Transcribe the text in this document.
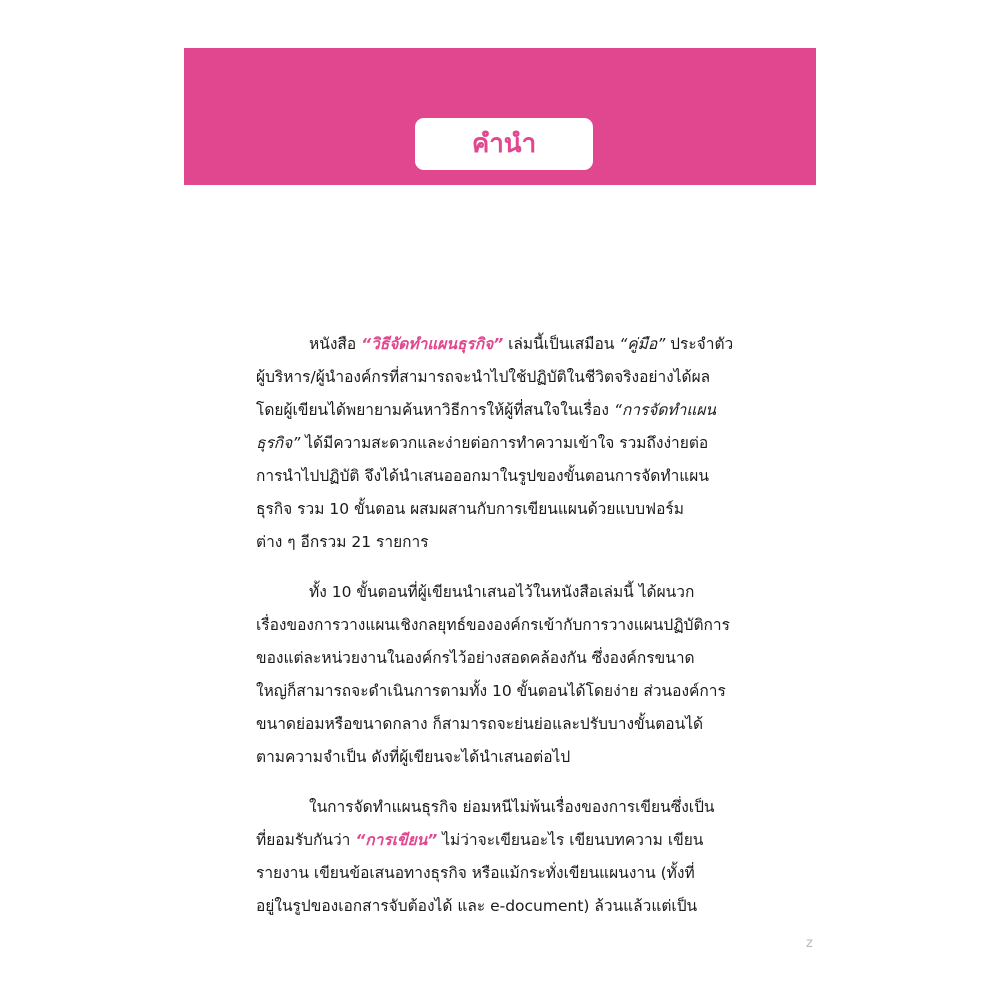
คำนำ

หนังสือ “วิธีจัดทำแผนธุรกิจ” เล่มนี้เป็นเสมือน “คู่มือ” ประจำตัว
ผู้บริหาร/ผู้นำองค์กรที่สามารถจะนำไปใช้ปฏิบัติในชีวิตจริงอย่างได้ผล
โดยผู้เขียนได้พยายามค้นหาวิธีการให้ผู้ที่สนใจในเรื่อง “การจัดทำแผน
ธุรกิจ” ได้มีความสะดวกและง่ายต่อการทำความเข้าใจ รวมถึงง่ายต่อ
การนำไปปฏิบัติ จึงได้นำเสนอออกมาในรูปของขั้นตอนการจัดทำแผน
ธุรกิจ รวม 10 ขั้นตอน ผสมผสานกับการเขียนแผนด้วยแบบฟอร์ม
ต่าง ๆ อีกรวม 21 รายการ

ทั้ง 10 ขั้นตอนที่ผู้เขียนนำเสนอไว้ในหนังสือเล่มนี้ ได้ผนวก
เรื่องของการวางแผนเชิงกลยุทธ์ขององค์กรเข้ากับการวางแผนปฏิบัติการ
ของแต่ละหน่วยงานในองค์กรไว้อย่างสอดคล้องกัน ซึ่งองค์กรขนาด
ใหญ่ก็สามารถจะดำเนินการตามทั้ง 10 ขั้นตอนได้โดยง่าย ส่วนองค์การ
ขนาดย่อมหรือขนาดกลาง ก็สามารถจะย่นย่อและปรับบางขั้นตอนได้
ตามความจำเป็น ดังที่ผู้เขียนจะได้นำเสนอต่อไป

ในการจัดทำแผนธุรกิจ ย่อมหนีไม่พ้นเรื่องของการเขียนซึ่งเป็น
ที่ยอมรับกันว่า “การเขียน” ไม่ว่าจะเขียนอะไร เขียนบทความ เขียน
รายงาน เขียนข้อเสนอทางธุรกิจ หรือแม้กระทั่งเขียนแผนงาน (ทั้งที่
อยู่ในรูปของเอกสารจับต้องได้ และ e-document) ล้วนแล้วแต่เป็น

z
